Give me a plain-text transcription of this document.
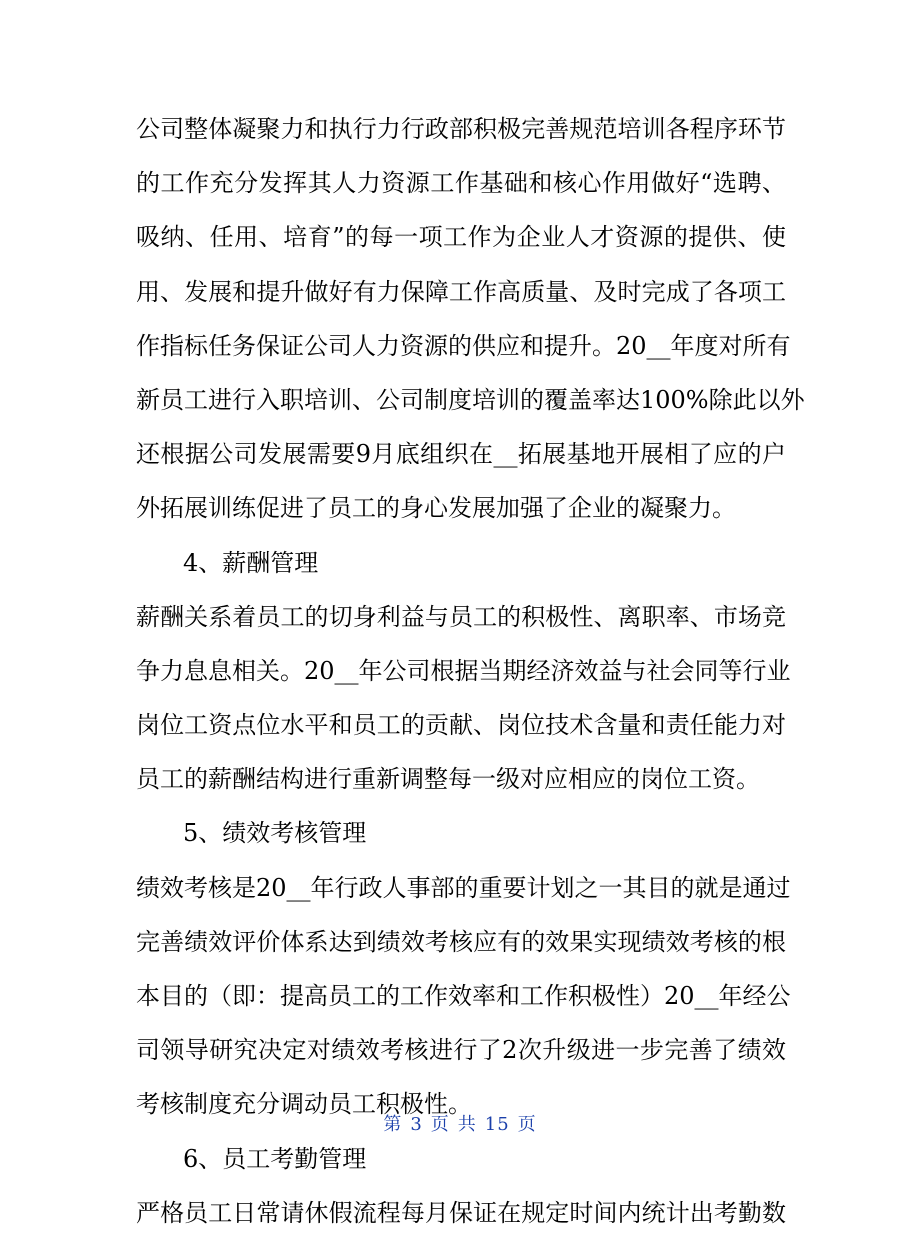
公司整体凝聚力和执行力行政部积极完善规范培训各程序环节
的工作充分发挥其人力资源工作基础和核心作用做好“选聘、
吸纳、任用、培育”的每一项工作为企业人才资源的提供、使
用、发展和提升做好有力保障工作高质量、及时完成了各项工
作指标任务保证公司人力资源的供应和提升。20__年度对所有
新员工进行入职培训、公司制度培训的覆盖率达100%除此以外
还根据公司发展需要9月底组织在__拓展基地开展相了应的户
外拓展训练促进了员工的身心发展加强了企业的凝聚力。
4、薪酬管理
薪酬关系着员工的切身利益与员工的积极性、离职率、市场竞
争力息息相关。20__年公司根据当期经济效益与社会同等行业
岗位工资点位水平和员工的贡献、岗位技术含量和责任能力对
员工的薪酬结构进行重新调整每一级对应相应的岗位工资。
5、绩效考核管理
绩效考核是20__年行政人事部的重要计划之一其目的就是通过
完善绩效评价体系达到绩效考核应有的效果实现绩效考核的根
本目的（即：提高员工的工作效率和工作积极性）20__年经公
司领导研究决定对绩效考核进行了2次升级进一步完善了绩效
考核制度充分调动员工积极性。
6、员工考勤管理
严格员工日常请休假流程每月保证在规定时间内统计出考勤数
第 3 页 共 15 页
